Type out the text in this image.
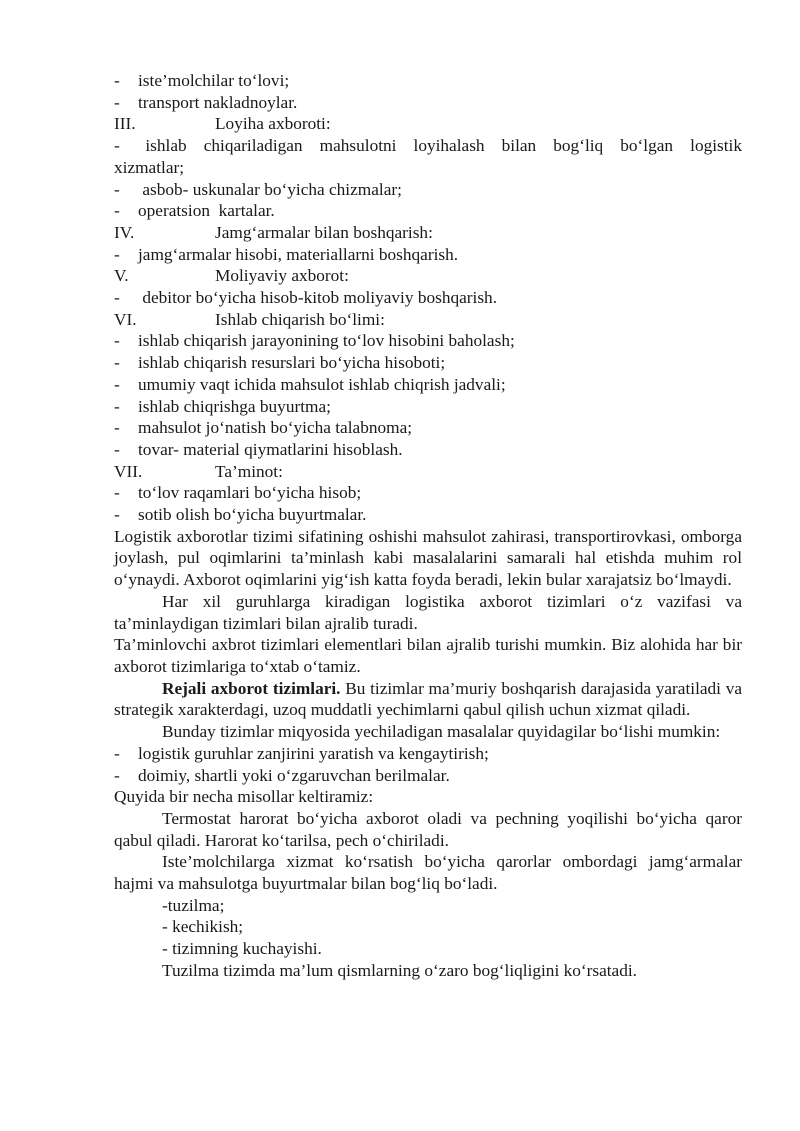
-	iste’molchilar to‘lovi;
-	transport nakladnoylar.
III.	Loyiha axboroti:
-   ishlab  chiqariladigan  mahsulotni  loyihalash  bilan  bog‘liq  bo‘lgan  logistik
xizmatlar;
-	asbob- uskunalar bo‘yicha chizmalar;
-	operatsion  kartalar.
IV.	Jamg‘armalar bilan boshqarish:
-	jamg‘armalar hisobi, materiallarni boshqarish.
V.	Moliyaviy axborot:
-	debitor bo‘yicha hisob-kitob moliyaviy boshqarish.
VI.	Ishlab chiqarish bo‘limi:
-	ishlab chiqarish jarayonining to‘lov hisobini baholash;
-	ishlab chiqarish resurslari bo‘yicha hisoboti;
-	umumiy vaqt ichida mahsulot ishlab chiqrish jadvali;
-	ishlab chiqrishga buyurtma;
-	mahsulot jo‘natish bo‘yicha talabnoma;
-	tovar- material qiymatlarini hisoblash.
VII.	Ta’minot:
-	to‘lov raqamlari bo‘yicha hisob;
-	sotib olish bo‘yicha buyurtmalar.
Logistik axborotlar tizimi sifatining oshishi mahsulot zahirasi, transportirovkasi, omborga joylash, pul oqimlarini ta’minlash kabi masalalarini samarali hal etishda muhim rol o‘ynaydi. Axborot oqimlarini yig‘ish katta foyda beradi, lekin bular xarajatsiz bo‘lmaydi.
Har xil guruhlarga kiradigan logistika axborot tizimlari o‘z vazifasi va ta’minlaydigan tizimlari bilan ajralib turadi.
Ta’minlovchi axbrot tizimlari elementlari bilan ajralib turishi mumkin. Biz alohida har bir axborot tizimlariga to‘xtab o‘tamiz.
Rejali axborot tizimlari. Bu tizimlar ma’muriy boshqarish darajasida yaratiladi va strategik xarakterdagi, uzoq muddatli yechimlarni qabul qilish uchun xizmat qiladi.
Bunday tizimlar miqyosida yechiladigan masalalar quyidagilar bo‘lishi mumkin:
-	logistik guruhlar zanjirini yaratish va kengaytirish;
-	doimiy, shartli yoki o‘zgaruvchan berilmalar.
Quyida bir necha misollar keltiramiz:
Termostat harorat bo‘yicha axborot oladi va pechning yoqilishi bo‘yicha qaror qabul qiladi. Harorat ko‘tarilsa, pech o‘chiriladi.
Iste’molchilarga xizmat ko‘rsatish bo‘yicha qarorlar ombordagi jamg‘armalar hajmi va mahsulotga buyurtmalar bilan bog‘liq bo‘ladi.
-tuzilma;
- kechikish;
- tizimning kuchayishi.
Tuzilma tizimda ma’lum qismlarning o‘zaro bog‘liqligini ko‘rsatadi.
